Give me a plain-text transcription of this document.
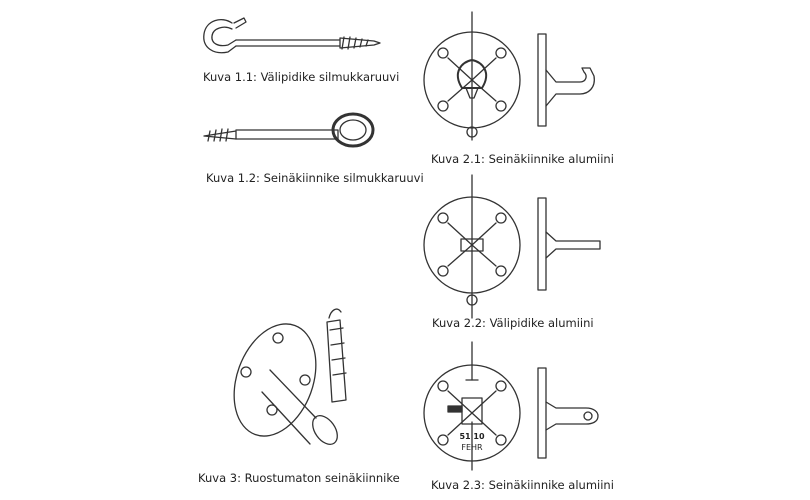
Kuva 1.1: Välipidike silmukkaruuvi
Kuva 1.2: Seinäkiinnike silmukkaruuvi
Kuva 2.1: Seinäkiinnike alumiini
Kuva 2.2: Välipidike alumiini
Kuva 2.3: Seinäkiinnike alumiini
Kuva 3: Ruostumaton seinäkiinnike
51 10
FEHR
